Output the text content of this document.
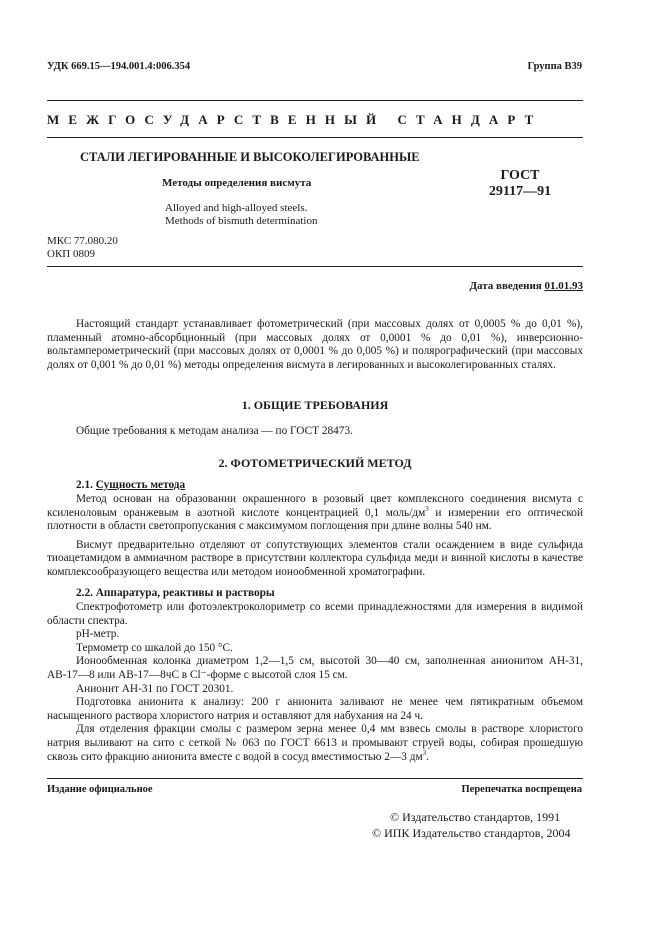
УДК 669.15—194.001.4:006.354	Группа В39
МЕЖГОСУДАРСТВЕННЫЙ СТАНДАРТ
СТАЛИ ЛЕГИРОВАННЫЕ И ВЫСОКОЛЕГИРОВАННЫЕ
Методы определения висмута
Alloyed and high-alloyed steels.
Methods of bismuth determination
ГОСТ
29117—91
МКС 77.080.20
ОКП 0809
Дата введения 01.01.93

Настоящий стандарт устанавливает фотометрический (при массовых долях от 0,0005 % до 0,01 %), пламенный атомно-абсорбционный (при массовых долях от 0,0001 % до 0,01 %), инверсионно-вольтамперометрический (при массовых долях от 0,0001 % до 0,005 %) и полярографический (при массовых долях от 0,001 % до 0,01 %) методы определения висмута в легированных и высоколегированных сталях.

1. ОБЩИЕ ТРЕБОВАНИЯ

Общие требования к методам анализа — по ГОСТ 28473.

2. ФОТОМЕТРИЧЕСКИЙ МЕТОД
2.1. Сущность метода

Метод основан на образовании окрашенного в розовый цвет комплексного соединения висмута с ксиленоловым оранжевым в азотной кислоте концентрацией 0,1 моль/$дм^3$ и измерении его оптической плотности в области светопропускания с максимумом поглощения при длине волны 540 нм.

Висмут предварительно отделяют от сопутствующих элементов стали осаждением в виде сульфида тиоацетамидом в аммиачном растворе в присутствии коллектора сульфида меди и винной кислоты в качестве комплексообразующего вещества или методом ионообменной хроматографии.

2.2. Аппаратура, реактивы и растворы

Спектрофотометр или фотоэлектроколориметр со всеми принадлежностями для измерения в видимой области спектра.

рН-метр.

Термометр со шкалой до 150 °С.

Ионообменная колонка диаметром 1,2—1,5 см, высотой 30—40 см, заполненная анионитом АН-31, АВ-17—8 или АВ-17—8чС в Cl⁻-форме с высотой слоя 15 см.

Анионит АН-31 по ГОСТ 20301.

Подготовка анионита к анализу: 200 г анионита заливают не менее чем пятикратным объемом насыщенного раствора хлористого натрия и оставляют для набухания на 24 ч.

Для отделения фракции смолы с размером зерна менее 0,4 мм взвесь смолы в растворе хлористого натрия выливают на сито с сеткой № 063 по ГОСТ 6613 и промывают струей воды, собирая прошедшую сквозь сито фракцию анионита вместе с водой в сосуд вместимостью 2—3 $дм^3$.

Издание официальное	Перепечатка воспрещена
© Издательство стандартов, 1991
© ИПК Издательство стандартов, 2004
